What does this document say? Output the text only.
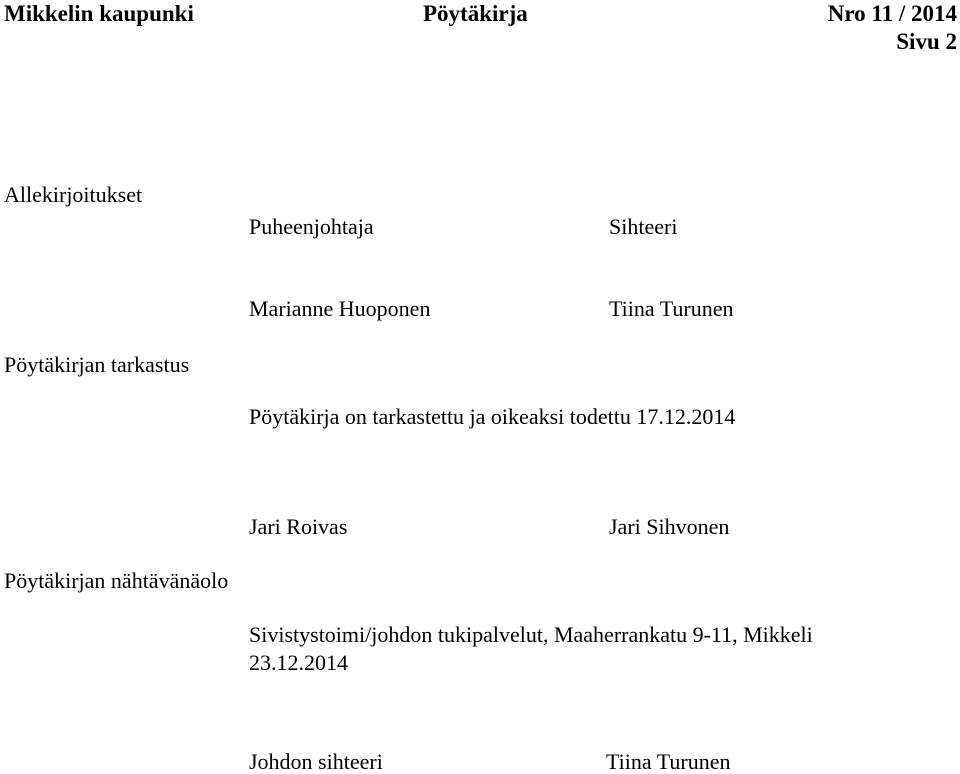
Mikkelin kaupunki	Pöytäkirja	Nro 11 / 2014
Sivu 2
Allekirjoitukset
Puheenjohtaja	Sihteeri
Marianne Huoponen	Tiina Turunen
Pöytäkirjan tarkastus
Pöytäkirja on tarkastettu ja oikeaksi todettu 17.12.2014
Jari Roivas	Jari Sihvonen
Pöytäkirjan nähtävänäolo
Sivistystoimi/johdon tukipalvelut, Maaherrankatu 9-11, Mikkeli
23.12.2014
Johdon sihteeri	Tiina Turunen
